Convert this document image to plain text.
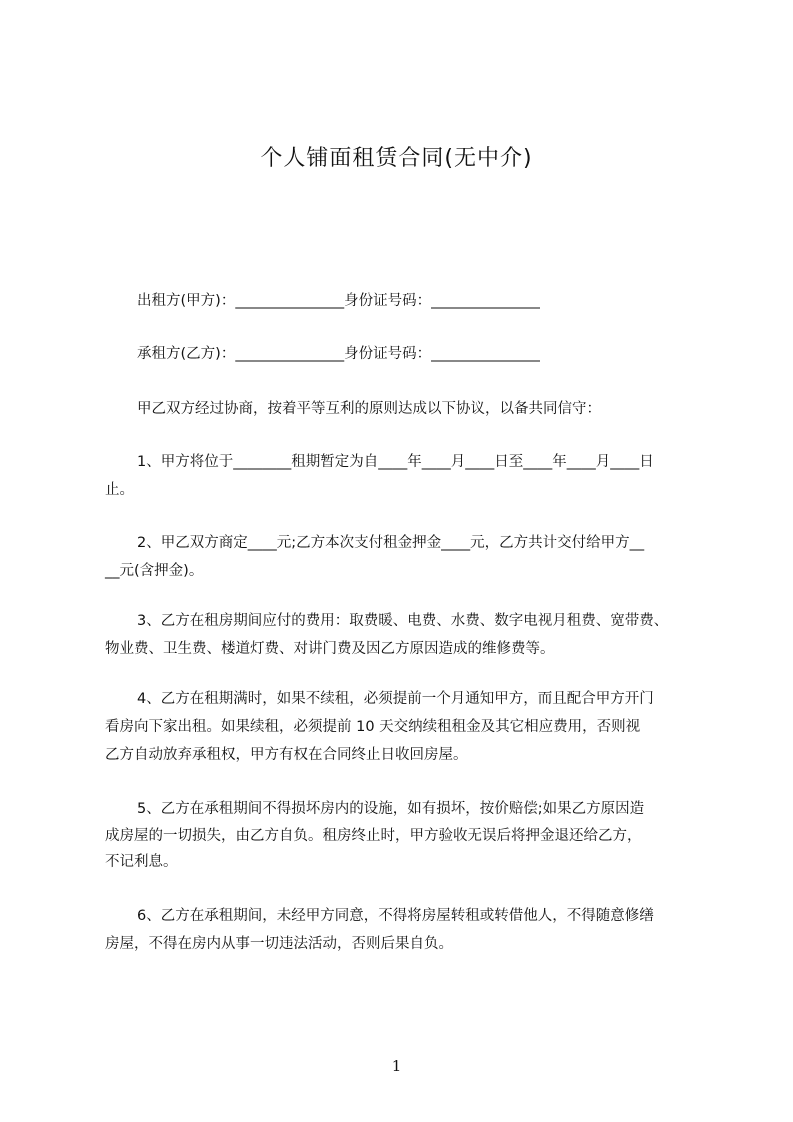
个人铺面租赁合同(无中介)
出租方(甲方)：_______________身份证号码：_______________
承租方(乙方)：_______________身份证号码：_______________
甲乙双方经过协商，按着平等互利的原则达成以下协议，以备共同信守：
1、甲方将位于________租期暂定为自____年____月____日至____年____月____日
止。
2、甲乙双方商定____元;乙方本次支付租金押金____元，乙方共计交付给甲方__
__元(含押金)。
3、乙方在租房期间应付的费用：取费暖、电费、水费、数字电视月租费、宽带费、
物业费、卫生费、楼道灯费、对讲门费及因乙方原因造成的维修费等。
4、乙方在租期满时，如果不续租，必须提前一个月通知甲方，而且配合甲方开门
看房向下家出租。如果续租，必须提前 10 天交纳续租租金及其它相应费用，否则视
乙方自动放弃承租权，甲方有权在合同终止日收回房屋。
5、乙方在承租期间不得损坏房内的设施，如有损坏，按价赔偿;如果乙方原因造
成房屋的一切损失，由乙方自负。租房终止时，甲方验收无误后将押金退还给乙方，
不记利息。
6、乙方在承租期间，未经甲方同意，不得将房屋转租或转借他人，不得随意修缮
房屋，不得在房内从事一切违法活动，否则后果自负。
1
